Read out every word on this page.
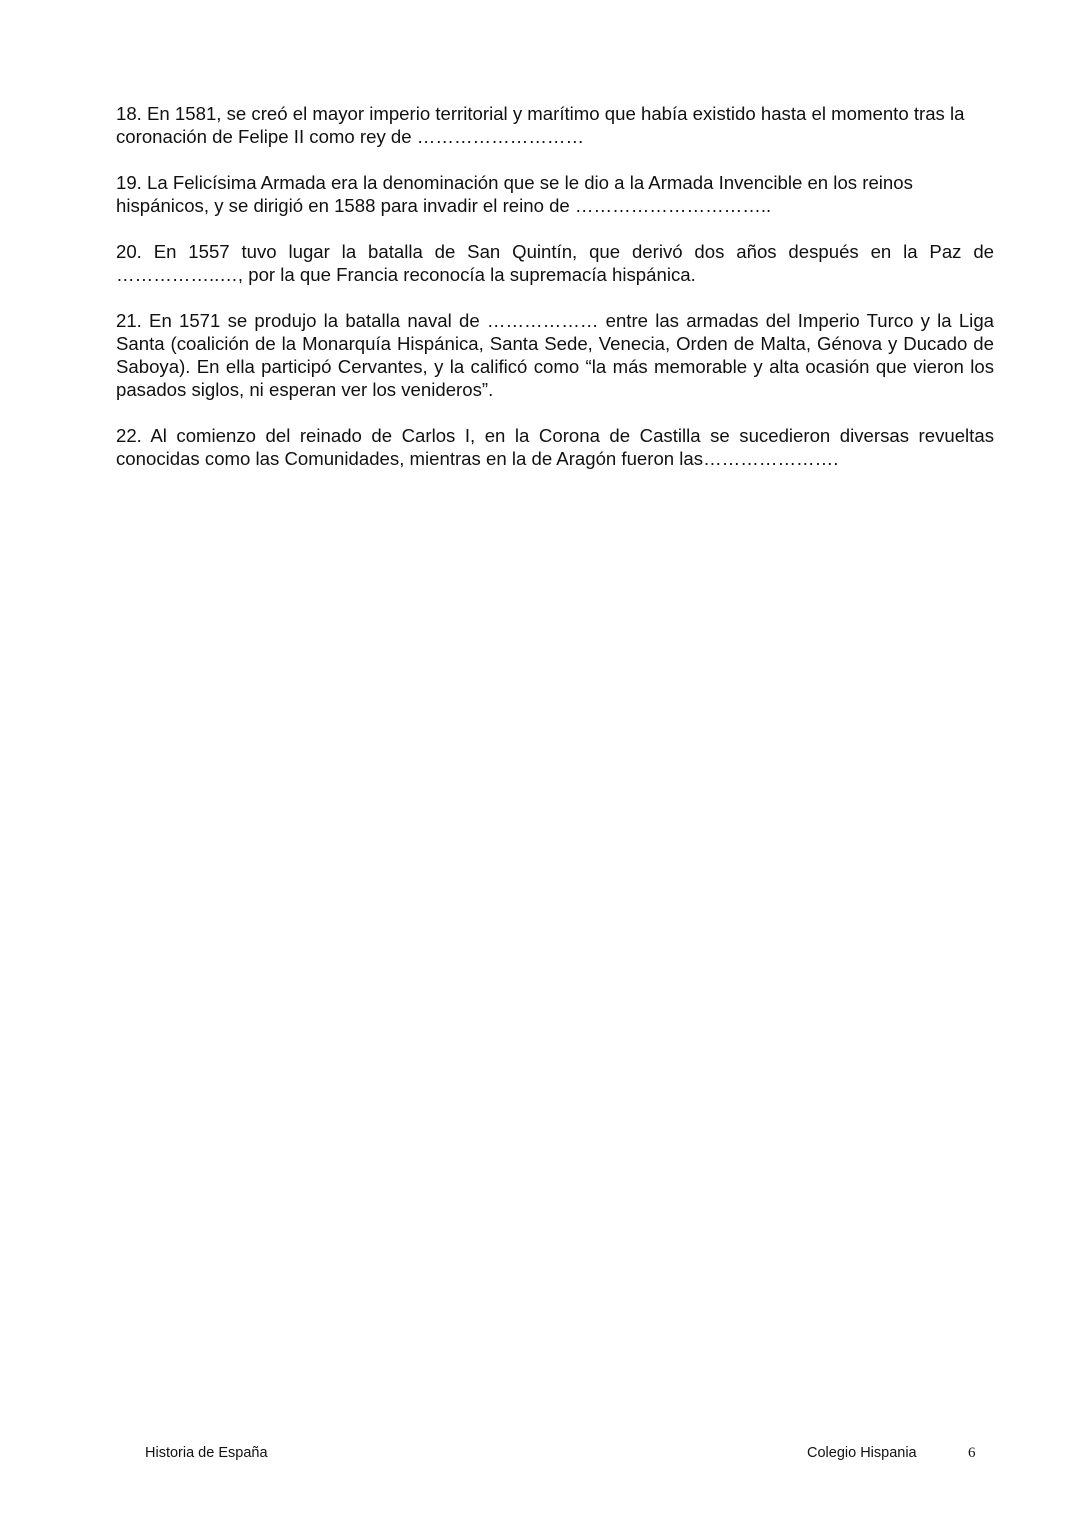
18. En 1581, se creó el mayor imperio territorial y marítimo que había existido hasta el momento tras la coronación de Felipe II como rey de ………………………

19. La Felicísima Armada era la denominación que se le dio a la Armada Invencible en los reinos hispánicos, y se dirigió en 1588 para invadir el reino de …………………………..

20. En 1557 tuvo lugar la batalla de San Quintín, que derivó dos años después en la Paz de ……………..…, por la que Francia reconocía la supremacía hispánica.

21. En 1571 se produjo la batalla naval de ……………… entre las armadas del Imperio Turco y la Liga Santa (coalición de la Monarquía Hispánica, Santa Sede, Venecia, Orden de Malta, Génova y Ducado de Saboya). En ella participó Cervantes, y la calificó como “la más memorable y alta ocasión que vieron los pasados siglos, ni esperan ver los venideros”.

22. Al comienzo del reinado de Carlos I, en la Corona de Castilla se sucedieron diversas revueltas conocidas como las Comunidades, mientras en la de Aragón fueron las………………….

Historia de España	Colegio Hispania	6
